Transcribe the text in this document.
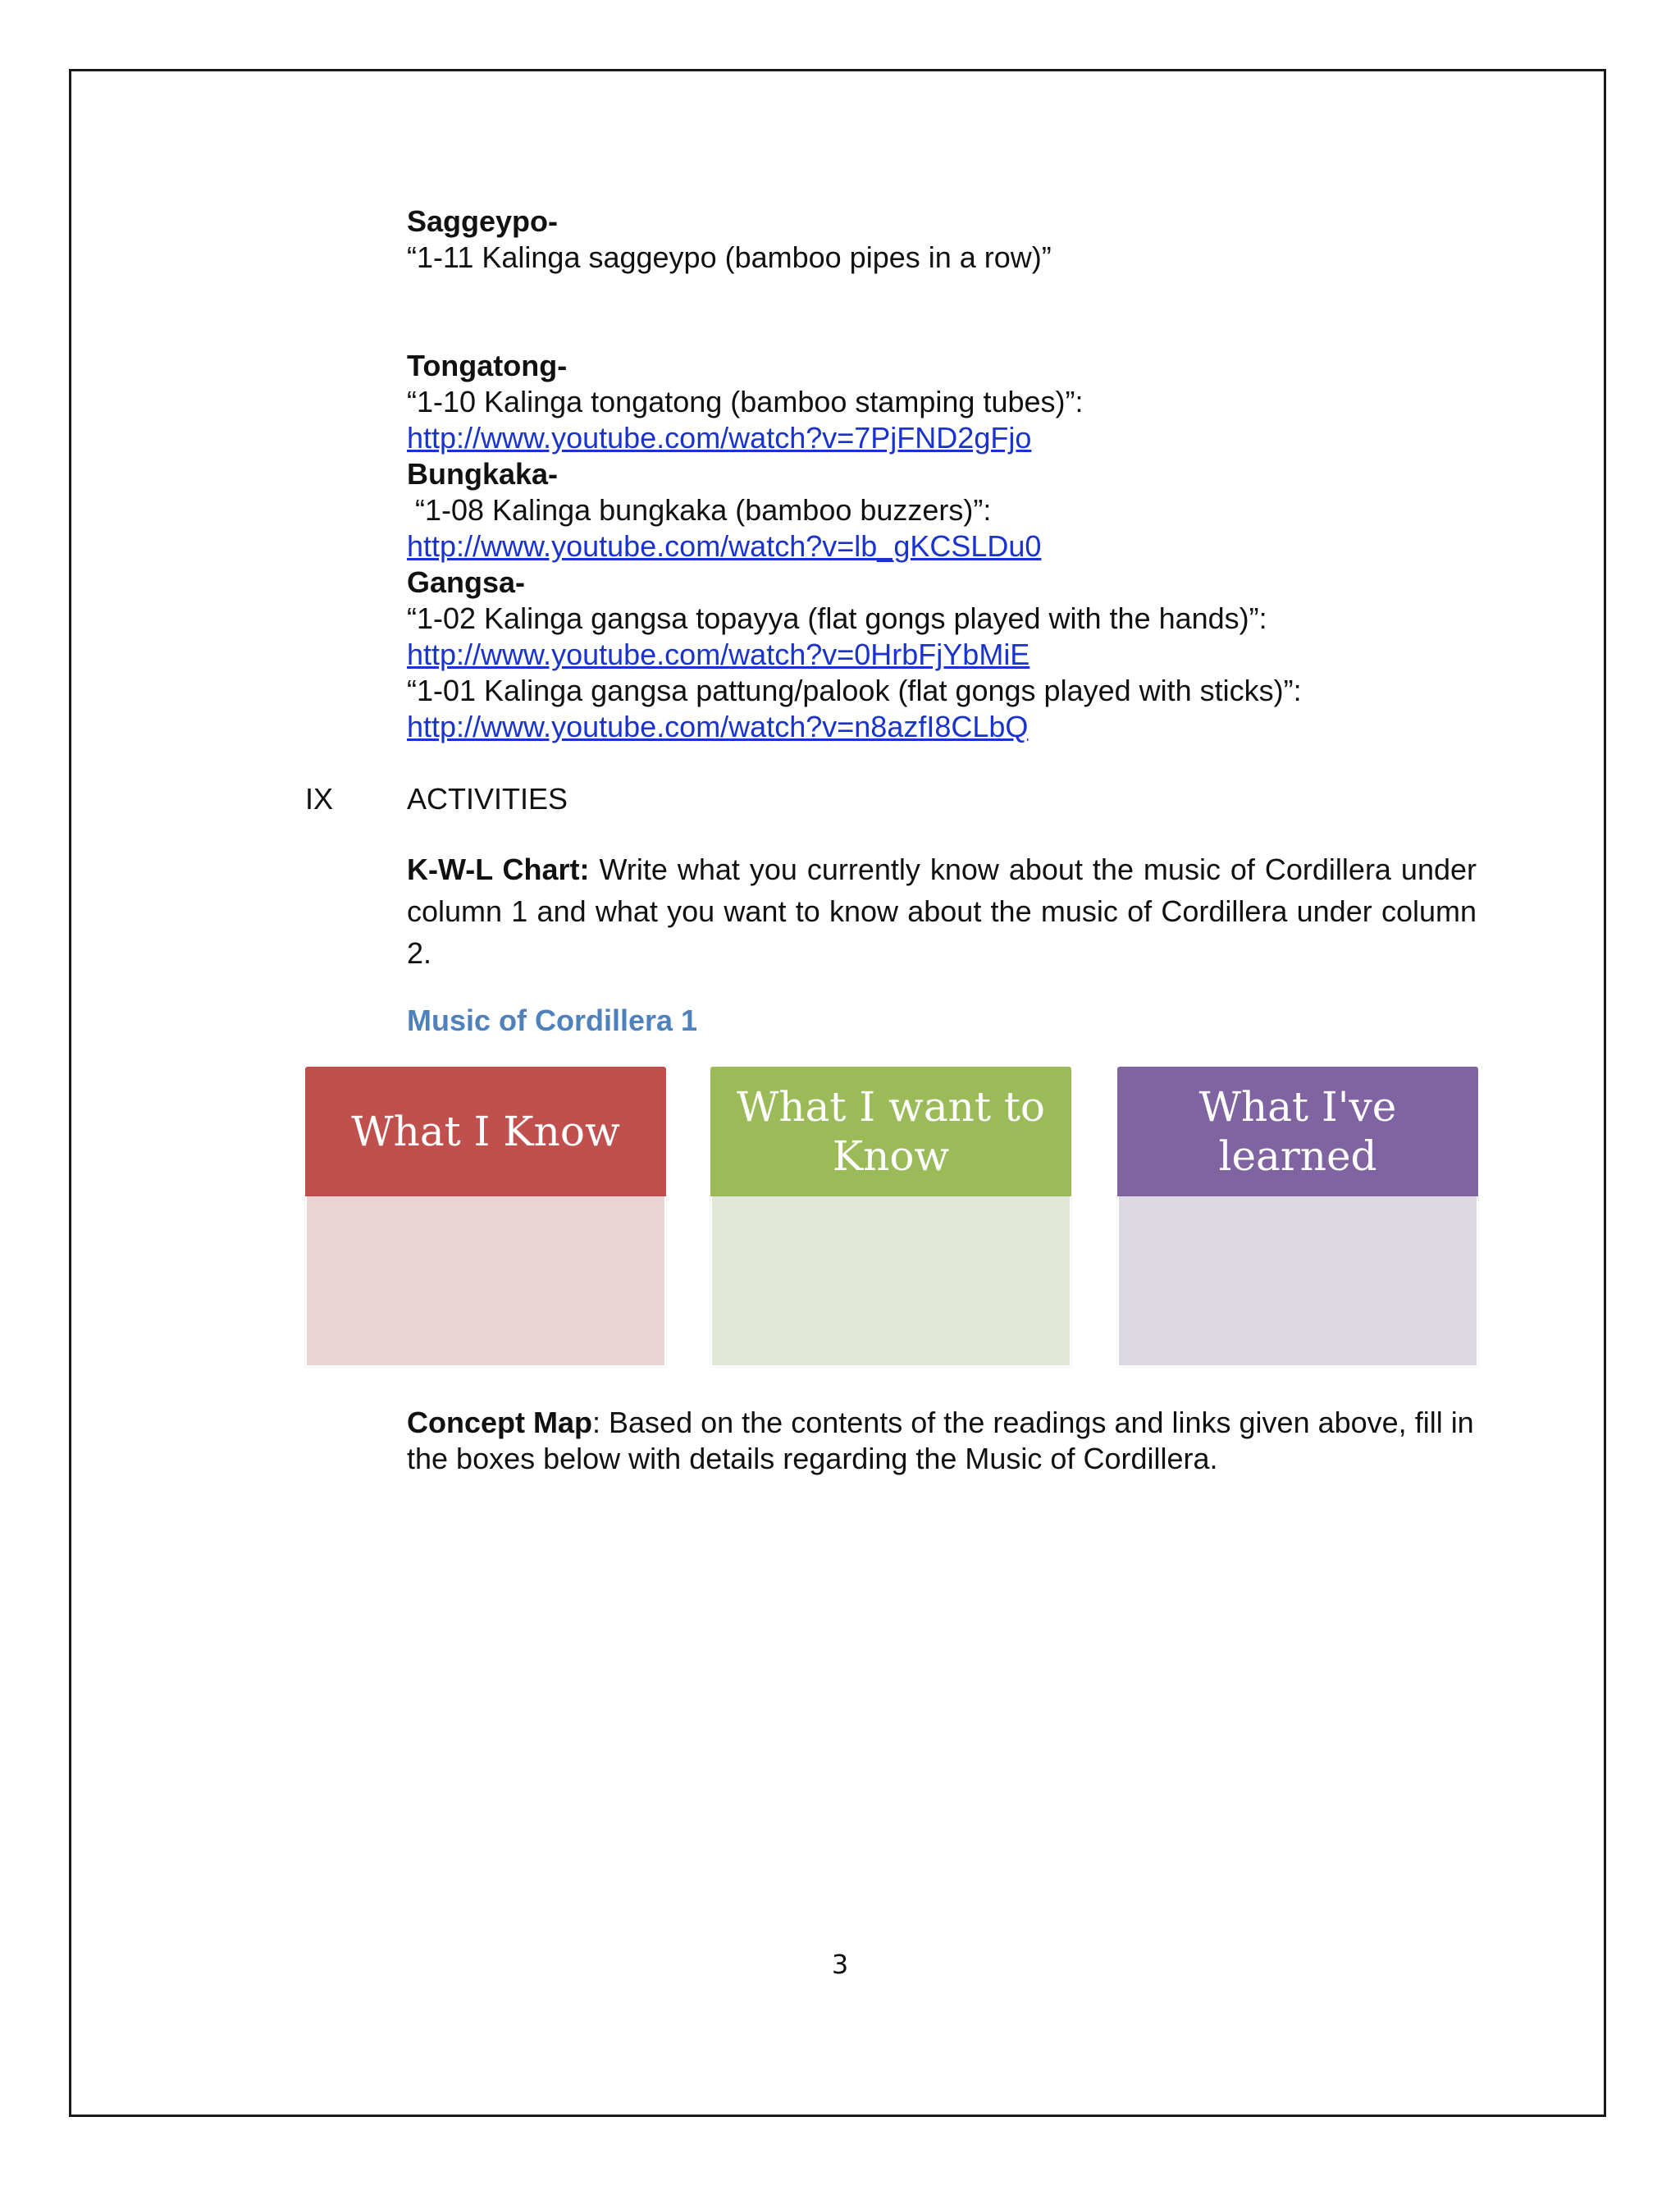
Saggeypo-
“1-11 Kalinga saggeypo (bamboo pipes in a row)”
Tongatong-
“1-10 Kalinga tongatong (bamboo stamping tubes)”:
http://www.youtube.com/watch?v=7PjFND2gFjo
Bungkaka-
“1-08 Kalinga bungkaka (bamboo buzzers)”:
http://www.youtube.com/watch?v=lb_gKCSLDu0
Gangsa-
“1-02 Kalinga gangsa topayya (flat gongs played with the hands)”:
http://www.youtube.com/watch?v=0HrbFjYbMiE
“1-01 Kalinga gangsa pattung/palook (flat gongs played with sticks)”:
http://www.youtube.com/watch?v=n8azfI8CLbQ
IX ACTIVITIES
K-W-L Chart: Write what you currently know about the music of Cordillera under column 1 and what you want to know about the music of Cordillera under column 2.
Music of Cordillera 1
What I Know
What I want to Know
What I've learned
Concept Map: Based on the contents of the readings and links given above, fill in the boxes below with details regarding the Music of Cordillera.
3
